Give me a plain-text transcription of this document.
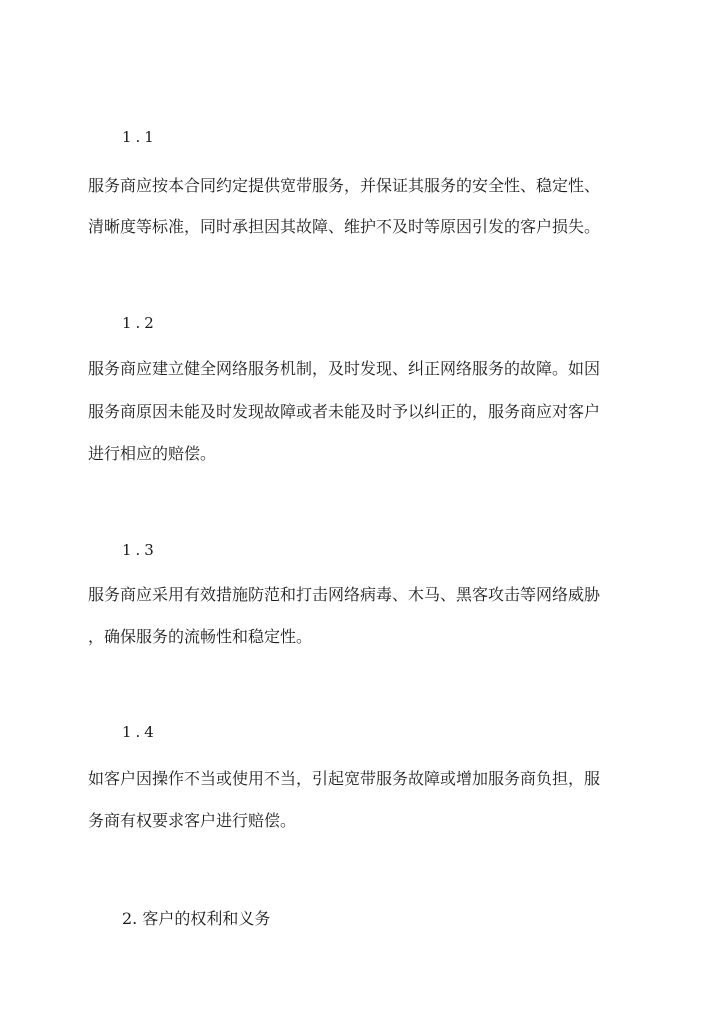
1.1
服务商应按本合同约定提供宽带服务，并保证其服务的安全性、稳定性、
清晰度等标准，同时承担因其故障、维护不及时等原因引发的客户损失。
1.2
服务商应建立健全网络服务机制，及时发现、纠正网络服务的故障。如因
服务商原因未能及时发现故障或者未能及时予以纠正的，服务商应对客户
进行相应的赔偿。
1.3
服务商应采用有效措施防范和打击网络病毒、木马、黑客攻击等网络威胁
，确保服务的流畅性和稳定性。
1.4
如客户因操作不当或使用不当，引起宽带服务故障或增加服务商负担，服
务商有权要求客户进行赔偿。
2. 客户的权利和义务
